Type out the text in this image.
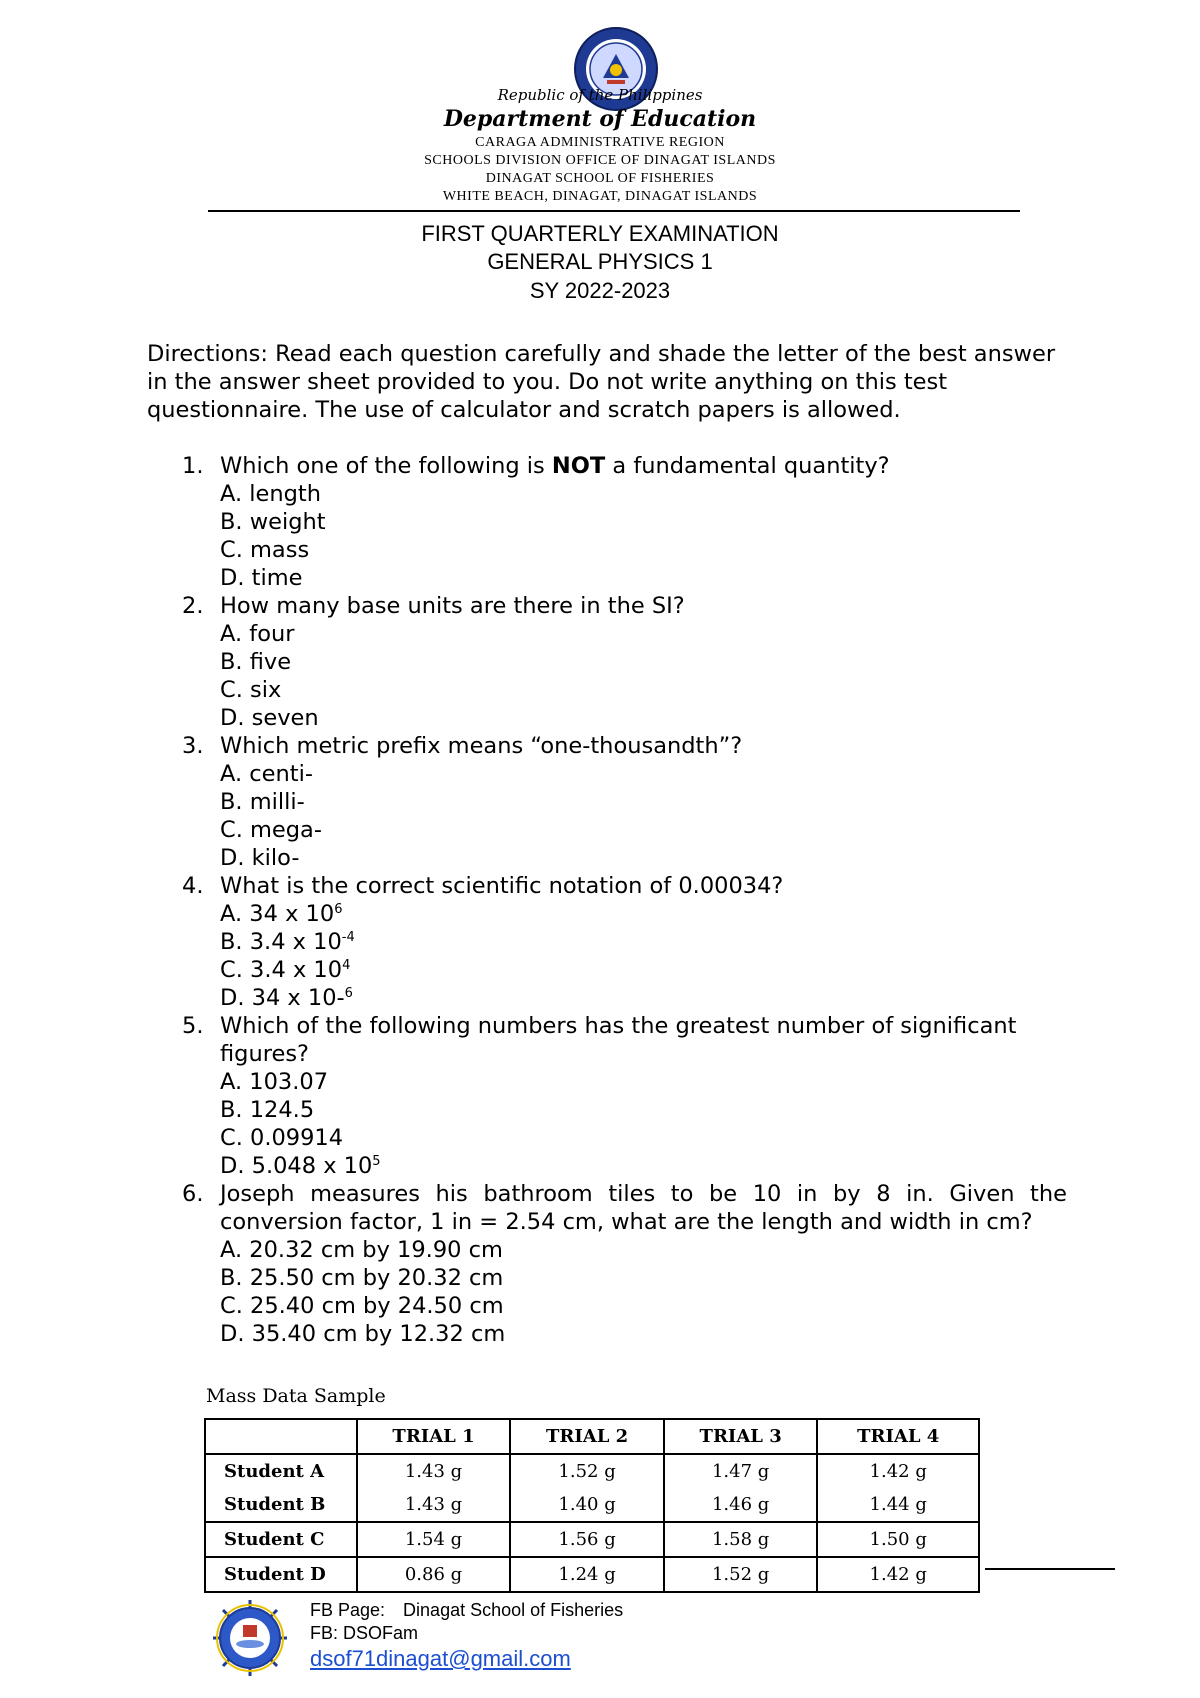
Republic of the Philippines

Department of Education

CARAGA ADMINISTRATIVE REGION

SCHOOLS DIVISION OFFICE OF DINAGAT ISLANDS

DINAGAT SCHOOL OF FISHERIES

WHITE BEACH, DINAGAT, DINAGAT ISLANDS

FIRST QUARTERLY EXAMINATION

GENERAL PHYSICS 1

SY 2022-2023

Directions: Read each question carefully and shade the letter of the best answer in the answer sheet provided to you. Do not write anything on this test questionnaire. The use of calculator and scratch papers is allowed.

1. Which one of the following is NOT a fundamental quantity?
A. length
B. weight
C. mass
D. time
2. How many base units are there in the SI?
A. four
B. five
C. six
D. seven
3. Which metric prefix means “one-thousandth”?
A. centi-
B. milli-
C. mega-
D. kilo-
4. What is the correct scientific notation of 0.00034?
A. 34 x $10^6$
B. 3.4 x $10^{-4}$
C. 3.4 x $10^4$
D. 34 x 10-$^6$
5. Which of the following numbers has the greatest number of significant figures?
A. 103.07
B. 124.5
C. 0.09914
D. 5.048 x $10^5$
6. Joseph measures his bathroom tiles to be 10 in by 8 in. Given the conversion factor, 1 in = 2.54 cm, what are the length and width in cm?
A. 20.32 cm by 19.90 cm
B. 25.50 cm by 20.32 cm
C. 25.40 cm by 24.50 cm
D. 35.40 cm by 12.32 cm

Mass Data Sample

	TRIAL 1	TRIAL 2	TRIAL 3	TRIAL 4
Student A	1.43 g	1.52 g	1.47 g	1.42 g
Student B	1.43 g	1.40 g	1.46 g	1.44 g
Student C	1.54 g	1.56 g	1.58 g	1.50 g
Student D	0.86 g	1.24 g	1.52 g	1.42 g

FB Page: Dinagat School of Fisheries

FB: DSOFam

dsof71dinagat@gmail.com
